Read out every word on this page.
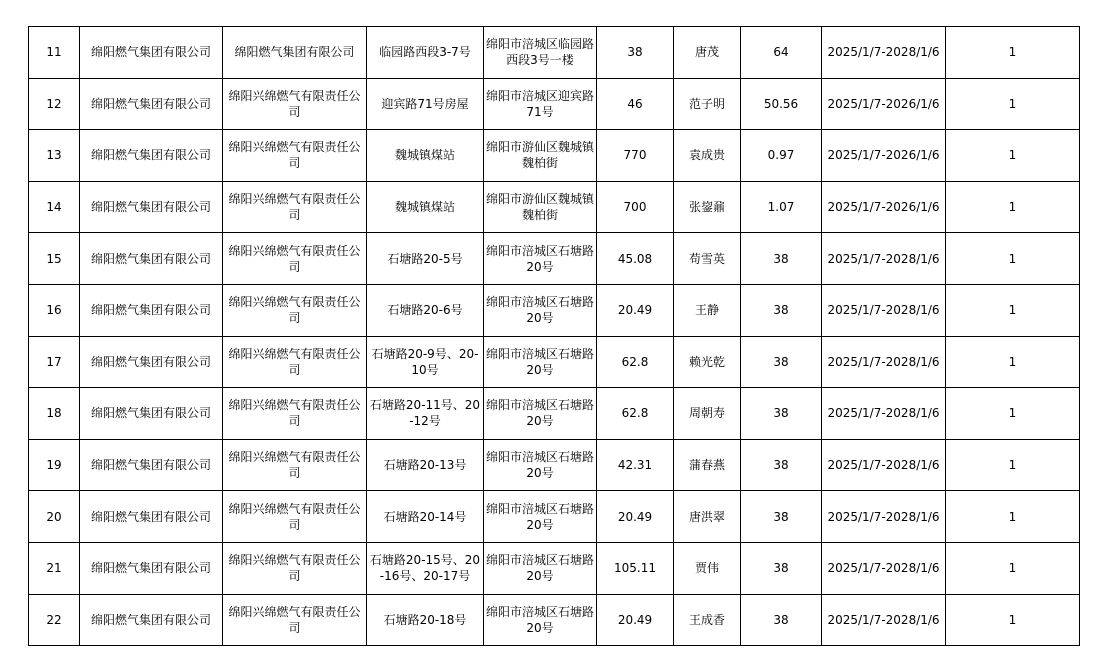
11	绵阳燃气集团有限公司	绵阳燃气集团有限公司	临园路西段3-7号	绵阳市涪城区临园路西段3号一楼	38	唐茂	64	2025/1/7-2028/1/6	1
12	绵阳燃气集团有限公司	绵阳兴绵燃气有限责任公司	迎宾路71号房屋	绵阳市涪城区迎宾路71号	46	范子明	50.56	2025/1/7-2026/1/6	1
13	绵阳燃气集团有限公司	绵阳兴绵燃气有限责任公司	魏城镇煤站	绵阳市游仙区魏城镇魏柏街	770	袁成贵	0.97	2025/1/7-2026/1/6	1
14	绵阳燃气集团有限公司	绵阳兴绵燃气有限责任公司	魏城镇煤站	绵阳市游仙区魏城镇魏柏街	700	张鋆鼐	1.07	2025/1/7-2026/1/6	1
15	绵阳燃气集团有限公司	绵阳兴绵燃气有限责任公司	石塘路20-5号	绵阳市涪城区石塘路20号	45.08	苟雪英	38	2025/1/7-2028/1/6	1
16	绵阳燃气集团有限公司	绵阳兴绵燃气有限责任公司	石塘路20-6号	绵阳市涪城区石塘路20号	20.49	王静	38	2025/1/7-2028/1/6	1
17	绵阳燃气集团有限公司	绵阳兴绵燃气有限责任公司	石塘路20-9号、20-10号	绵阳市涪城区石塘路20号	62.8	赖光乾	38	2025/1/7-2028/1/6	1
18	绵阳燃气集团有限公司	绵阳兴绵燃气有限责任公司	石塘路20-11号、20-12号	绵阳市涪城区石塘路20号	62.8	周朝寿	38	2025/1/7-2028/1/6	1
19	绵阳燃气集团有限公司	绵阳兴绵燃气有限责任公司	石塘路20-13号	绵阳市涪城区石塘路20号	42.31	蒲春燕	38	2025/1/7-2028/1/6	1
20	绵阳燃气集团有限公司	绵阳兴绵燃气有限责任公司	石塘路20-14号	绵阳市涪城区石塘路20号	20.49	唐洪翠	38	2025/1/7-2028/1/6	1
21	绵阳燃气集团有限公司	绵阳兴绵燃气有限责任公司	石塘路20-15号、20-16号、20-17号	绵阳市涪城区石塘路20号	105.11	贾伟	38	2025/1/7-2028/1/6	1
22	绵阳燃气集团有限公司	绵阳兴绵燃气有限责任公司	石塘路20-18号	绵阳市涪城区石塘路20号	20.49	王成香	38	2025/1/7-2028/1/6	1
